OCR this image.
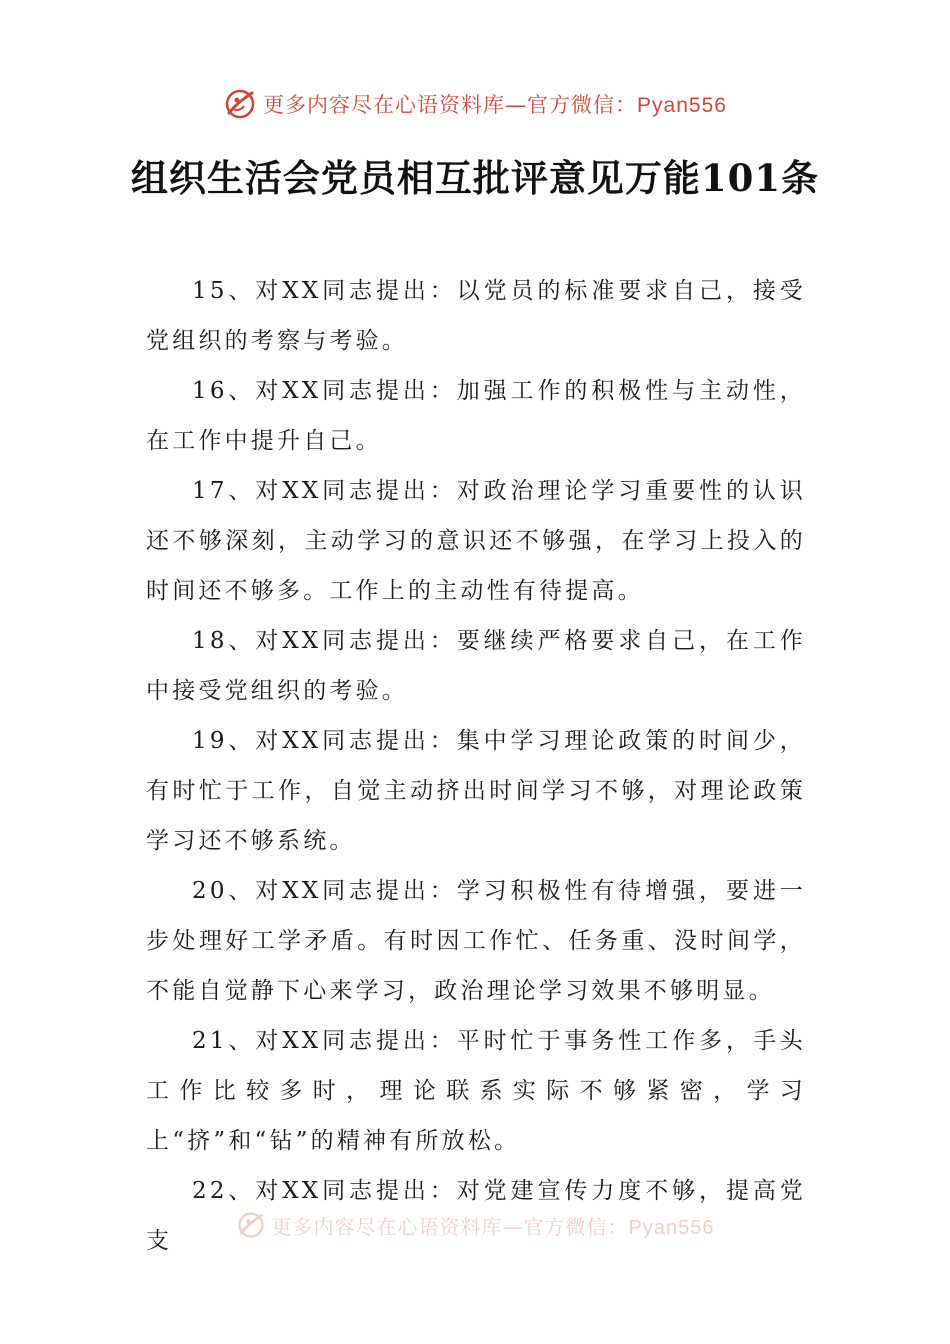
更多内容尽在心语资料库—官方微信：Pyan556
组织生活会党员相互批评意见万能101条

15、对XX同志提出：以党员的标准要求自己，接受党组织的考察与考验。

16、对XX同志提出：加强工作的积极性与主动性，在工作中提升自己。

17、对XX同志提出：对政治理论学习重要性的认识还不够深刻，主动学习的意识还不够强，在学习上投入的时间还不够多。工作上的主动性有待提高。

18、对XX同志提出：要继续严格要求自己，在工作中接受党组织的考验。

19、对XX同志提出：集中学习理论政策的时间少，有时忙于工作，自觉主动挤出时间学习不够，对理论政策学习还不够系统。

20、对XX同志提出：学习积极性有待增强，要进一步处理好工学矛盾。有时因工作忙、任务重、没时间学，不能自觉静下心来学习，政治理论学习效果不够明显。

21、对XX同志提出：平时忙于事务性工作多，手头工作比较多时，理论联系实际不够紧密，学习上“挤”和“钻”的精神有所放松。

22、对XX同志提出：对党建宣传力度不够，提高党支

更多内容尽在心语资料库—官方微信：Pyan556
